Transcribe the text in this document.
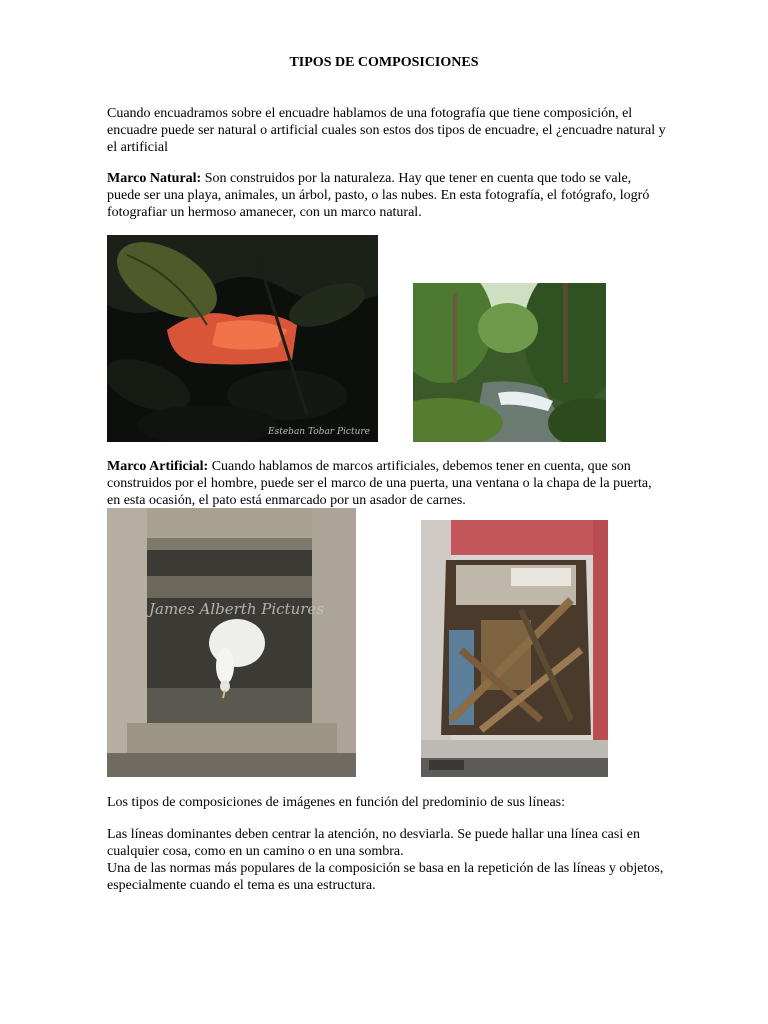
TIPOS DE COMPOSICIONES

Cuando encuadramos sobre el encuadre hablamos de una fotografía que tiene composición, el encuadre puede ser natural o artificial cuales son estos dos tipos de encuadre, el ¿encuadre natural y el artificial

Marco Natural: Son construidos por la naturaleza. Hay que tener en cuenta que todo se vale, puede ser una playa, animales, un árbol, pasto, o las nubes. En esta fotografía, el fotógrafo, logró fotografiar un hermoso amanecer, con un marco natural.

Esteban Tobar Picture

Marco Artificial: Cuando hablamos de marcos artificiales, debemos tener en cuenta, que son construidos por el hombre, puede ser el marco de una puerta, una ventana o la chapa de la puerta, en esta ocasión, el pato está enmarcado por un asador de carnes.

James Alberth Pictures

Los tipos de composiciones de imágenes en función del predominio de sus líneas:

Las líneas dominantes deben centrar la atención, no desviarla. Se puede hallar una línea casi en cualquier cosa, como en un camino o en una sombra.

Una de las normas más populares de la composición se basa en la repetición de las líneas y objetos, especialmente cuando el tema es una estructura.
